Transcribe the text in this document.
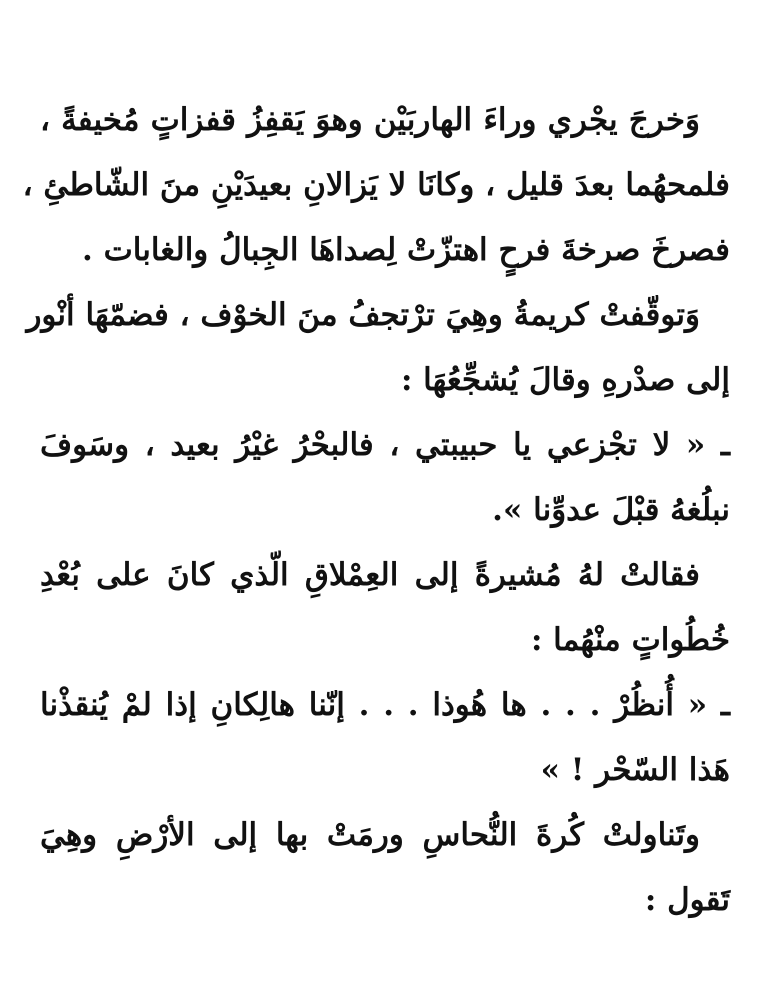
وَخرجَ يجْري وراءَ الهاربَيْن وهوَ يَقفِزُ قفزاتٍ مُخيفةً ،
فلمحهُما بعدَ قليل ، وكانَا لا يَزالانِ بعيدَيْنِ منَ الشّاطئِ ،
فصرخَ صرخةَ فرحٍ اهتزّتْ لِصداهَا الجِبالُ والغابات .
وَتوقّفتْ كريمةُ وهِيَ ترْتجفُ منَ الخوْف ، فضمّهَا أنْور
إلى صدْرهِ وقالَ يُشجِّعُهَا :
ـ « لا تجْزعي يا حبيبتي ، فالبحْرُ غيْرُ بعيد ، وسَوفَ
نبلُغهُ قبْلَ عدوِّنا ».
فقالتْ لهُ مُشيرةً إلى العِمْلاقِ الّذي كانَ على بُعْدِ
خُطُواتٍ منْهُما :
ـ « أُنظُرْ . . . ها هُوذا . . . إنّنا هالِكانِ إذا لمْ يُنقذْنا
هَذا السّحْر ! »
وتَناولتْ كُرةَ النُّحاسِ ورمَتْ بها إلى الأرْضِ وهِيَ
تَقول :
